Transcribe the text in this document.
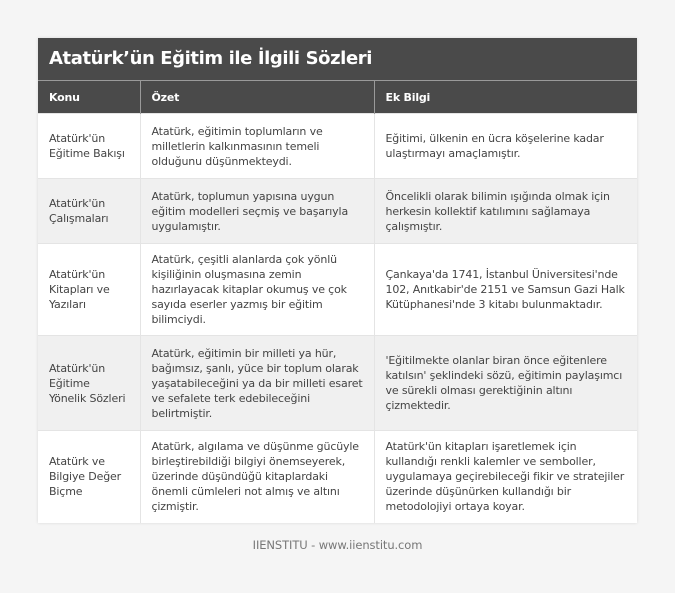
Atatürk’ün Eğitim ile İlgili Sözleri
Konu	Özet	Ek Bilgi
Atatürk'ün Eğitime Bakışı	Atatürk, eğitimin toplumların ve milletlerin kalkınmasının temeli olduğunu düşünmekteydi.	Eğitimi, ülkenin en ücra köşelerine kadar ulaştırmayı amaçlamıştır.
Atatürk'ün Çalışmaları	Atatürk, toplumun yapısına uygun eğitim modelleri seçmiş ve başarıyla uygulamıştır.	Öncelikli olarak bilimin ışığında olmak için herkesin kollektif katılımını sağlamaya çalışmıştır.
Atatürk'ün Kitapları ve Yazıları	Atatürk, çeşitli alanlarda çok yönlü kişiliğinin oluşmasına zemin hazırlayacak kitaplar okumuş ve çok sayıda eserler yazmış bir eğitim bilimciydi.	Çankaya'da 1741, İstanbul Üniversitesi'nde 102, Anıtkabir'de 2151 ve Samsun Gazi Halk Kütüphanesi'nde 3 kitabı bulunmaktadır.
Atatürk'ün Eğitime Yönelik Sözleri	Atatürk, eğitimin bir milleti ya hür, bağımsız, şanlı, yüce bir toplum olarak yaşatabileceğini ya da bir milleti esaret ve sefalete terk edebileceğini belirtmiştir.	'Eğitilmekte olanlar biran önce eğitenlere katılsın' şeklindeki sözü, eğitimin paylaşımcı ve sürekli olması gerektiğinin altını çizmektedir.
Atatürk ve Bilgiye Değer Biçme	Atatürk, algılama ve düşünme gücüyle birleştirebildiği bilgiyi önemseyerek, üzerinde düşündüğü kitaplardaki önemli cümleleri not almış ve altını çizmiştir.	Atatürk'ün kitapları işaretlemek için kullandığı renkli kalemler ve semboller, uygulamaya geçirebileceği fikir ve stratejiler üzerinde düşünürken kullandığı bir metodolojiyi ortaya koyar.
IIENSTITU - www.iienstitu.com
